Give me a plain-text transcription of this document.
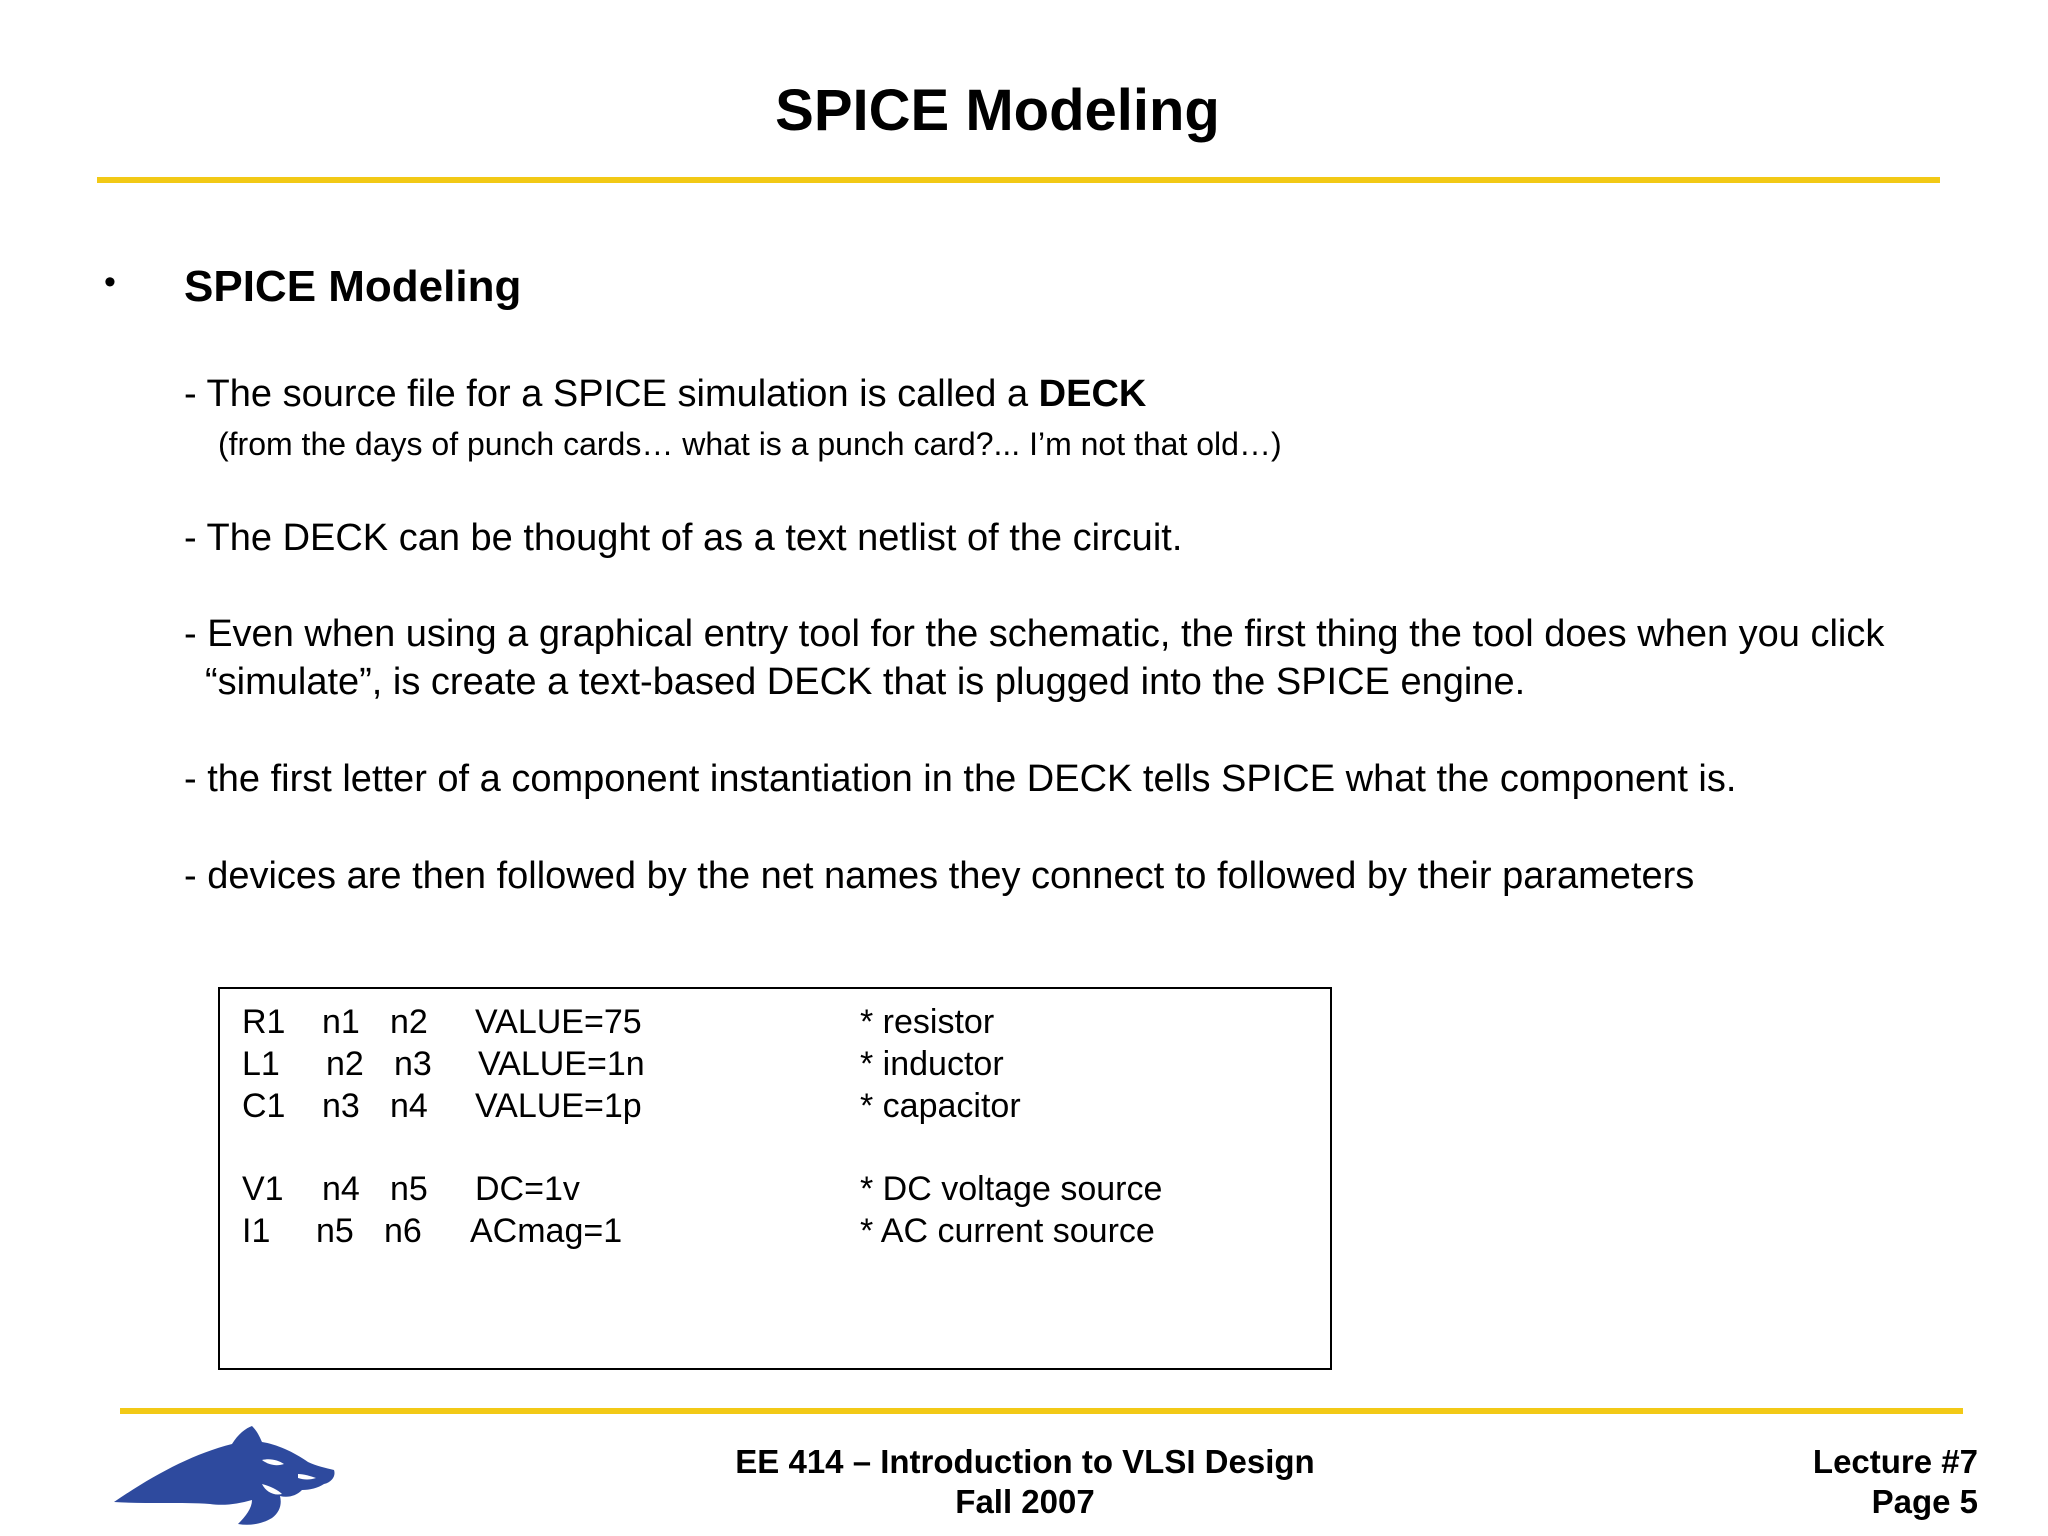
SPICE Modeling
• SPICE Modeling
- The source file for a SPICE simulation is called a DECK
(from the days of punch cards… what is a punch card?... I’m not that old…)
- The DECK can be thought of as a text netlist of the circuit.
- Even when using a graphical entry tool for the schematic, the first thing the tool does when you click
“simulate”, is create a text-based DECK that is plugged into the SPICE engine.
- the first letter of a component instantiation in the DECK tells SPICE what the component is.
- devices are then followed by the net names they connect to followed by their parameters
R1 n1 n2 VALUE=75	* resistor
L1 n2 n3 VALUE=1n	* inductor
C1 n3 n4 VALUE=1p	* capacitor
V1 n4 n5 DC=1v	* DC voltage source
I1 n5 n6 ACmag=1	* AC current source
EE 414 – Introduction to VLSI Design
Fall 2007
Lecture #7
Page 5
